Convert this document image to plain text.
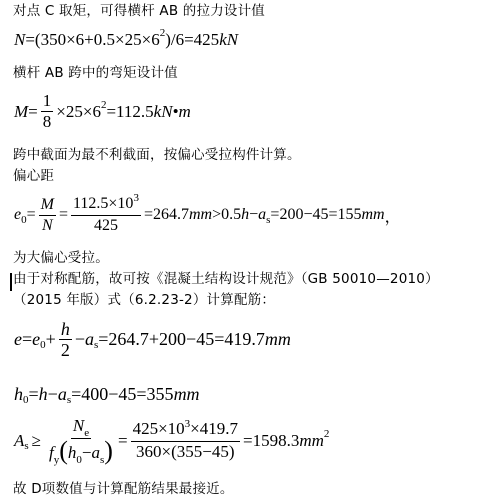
对点 C 取矩，可得横杆 AB 的拉力设计值
N =(350×6+0.5×25×6 2 )/6=425 kN
横杆 AB 跨中的弯矩设计值
$M = \frac{1}{8} \times 25\times 6$ 2 =112.5 kN•m
跨中截面为最不利截面，按偏心受拉构件计算。
偏心距
e $0 = \frac{M}{N} = \frac{112.5\times 10^3}{425} =264.7$ mm >0.5 h − a s =200−45=155 mm ，
为大偏心受拉。
由于对称配筋，故可按《混凝土结构设计规范》（GB 50010—2010）
（2015 年版）式（6.2.23-2）计算配筋：
e = e $0 + \frac{h}{2} - a$ s =264.7+200−45=419.7 mm
h 0 = h − a s =400−45=355 mm
A $s \ge \frac{N_e}{f_y(h_0-a_s)} = \frac{425\times 10^3\times 419.7}{360\times(355-45)} =1598.3$ mm 2
故 D项数值与计算配筋结果最接近。
